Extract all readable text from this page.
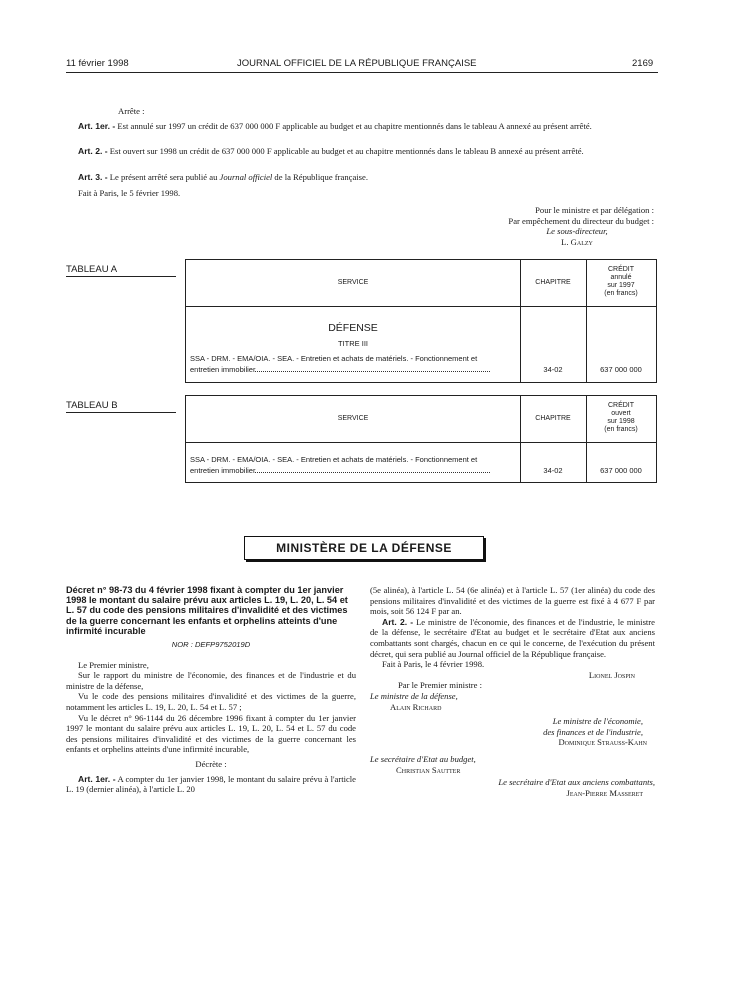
11 février 1998	JOURNAL OFFICIEL DE LA RÉPUBLIQUE FRANÇAISE	2169
Arrête :
Art. 1er. - Est annulé sur 1997 un crédit de 637 000 000 F applicable au budget et au chapitre mentionnés dans le tableau A annexé au présent arrêté.
Art. 2. - Est ouvert sur 1998 un crédit de 637 000 000 F applicable au budget et au chapitre mentionnés dans le tableau B annexé au présent arrêté.
Art. 3. - Le présent arrêté sera publié au Journal officiel de la République française.
Fait à Paris, le 5 février 1998.
Pour le ministre et par délégation :
Par empêchement du directeur du budget :
Le sous-directeur,
L. Galzy
TABLEAU A
SERVICE	CHAPITRE
CRÉDIT
annulé
sur 1997
(en francs)
DÉFENSE
TITRE III
SSA - DRM. - EMA/OIA. - SEA. - Entretien et achats de matériels. - Fonctionnement et
entretien immobilier	34-02	637 000 000
TABLEAU B
SERVICE	CHAPITRE
CRÉDIT
ouvert
sur 1998
(en francs)
SSA - DRM. - EMA/OIA. - SEA. - Entretien et achats de matériels. - Fonctionnement et
entretien immobilier	34-02	637 000 000
MINISTÈRE DE LA DÉFENSE
Décret n° 98-73 du 4 février 1998 fixant à compter du 1er janvier 1998 le montant du salaire prévu aux articles L. 19, L. 20, L. 54 et L. 57 du code des pensions militaires d'invalidité et des victimes de la guerre concernant les enfants et orphelins atteints d'une infirmité incurable
NOR : DEFP9752019D

Le Premier ministre,

Sur le rapport du ministre de l'économie, des finances et de l'industrie et du ministre de la défense,

Vu le code des pensions militaires d'invalidité et des victimes de la guerre, notamment les articles L. 19, L. 20, L. 54 et L. 57 ;

Vu le décret n° 96-1144 du 26 décembre 1996 fixant à compter du 1er janvier 1997 le montant du salaire prévu aux articles L. 19, L. 20, L. 54 et L. 57 du code des pensions militaires d'invalidité et des victimes de la guerre concernant les enfants et orphelins atteints d'une infirmité incurable,

Décrète :

Art. 1er. - A compter du 1er janvier 1998, le montant du salaire prévu à l'article L. 19 (dernier alinéa), à l'article L. 20

(5e alinéa), à l'article L. 54 (6e alinéa) et à l'article L. 57 (1er alinéa) du code des pensions militaires d'invalidité et des victimes de la guerre est fixé à 4 677 F par mois, soit 56 124 F par an.

Art. 2. - Le ministre de l'économie, des finances et de l'industrie, le ministre de la défense, le secrétaire d'Etat au budget et le secrétaire d'Etat aux anciens combattants sont chargés, chacun en ce qui le concerne, de l'exécution du présent décret, qui sera publié au Journal officiel de la République française.

Fait à Paris, le 4 février 1998.

Lionel Jospin
Par le Premier ministre :
Le ministre de la défense,
Alain Richard
Le ministre de l'économie,
des finances et de l'industrie,
Dominique Strauss-Kahn
Le secrétaire d'Etat au budget,
Christian Sautter
Le secrétaire d'Etat aux anciens combattants,
Jean-Pierre Masseret
